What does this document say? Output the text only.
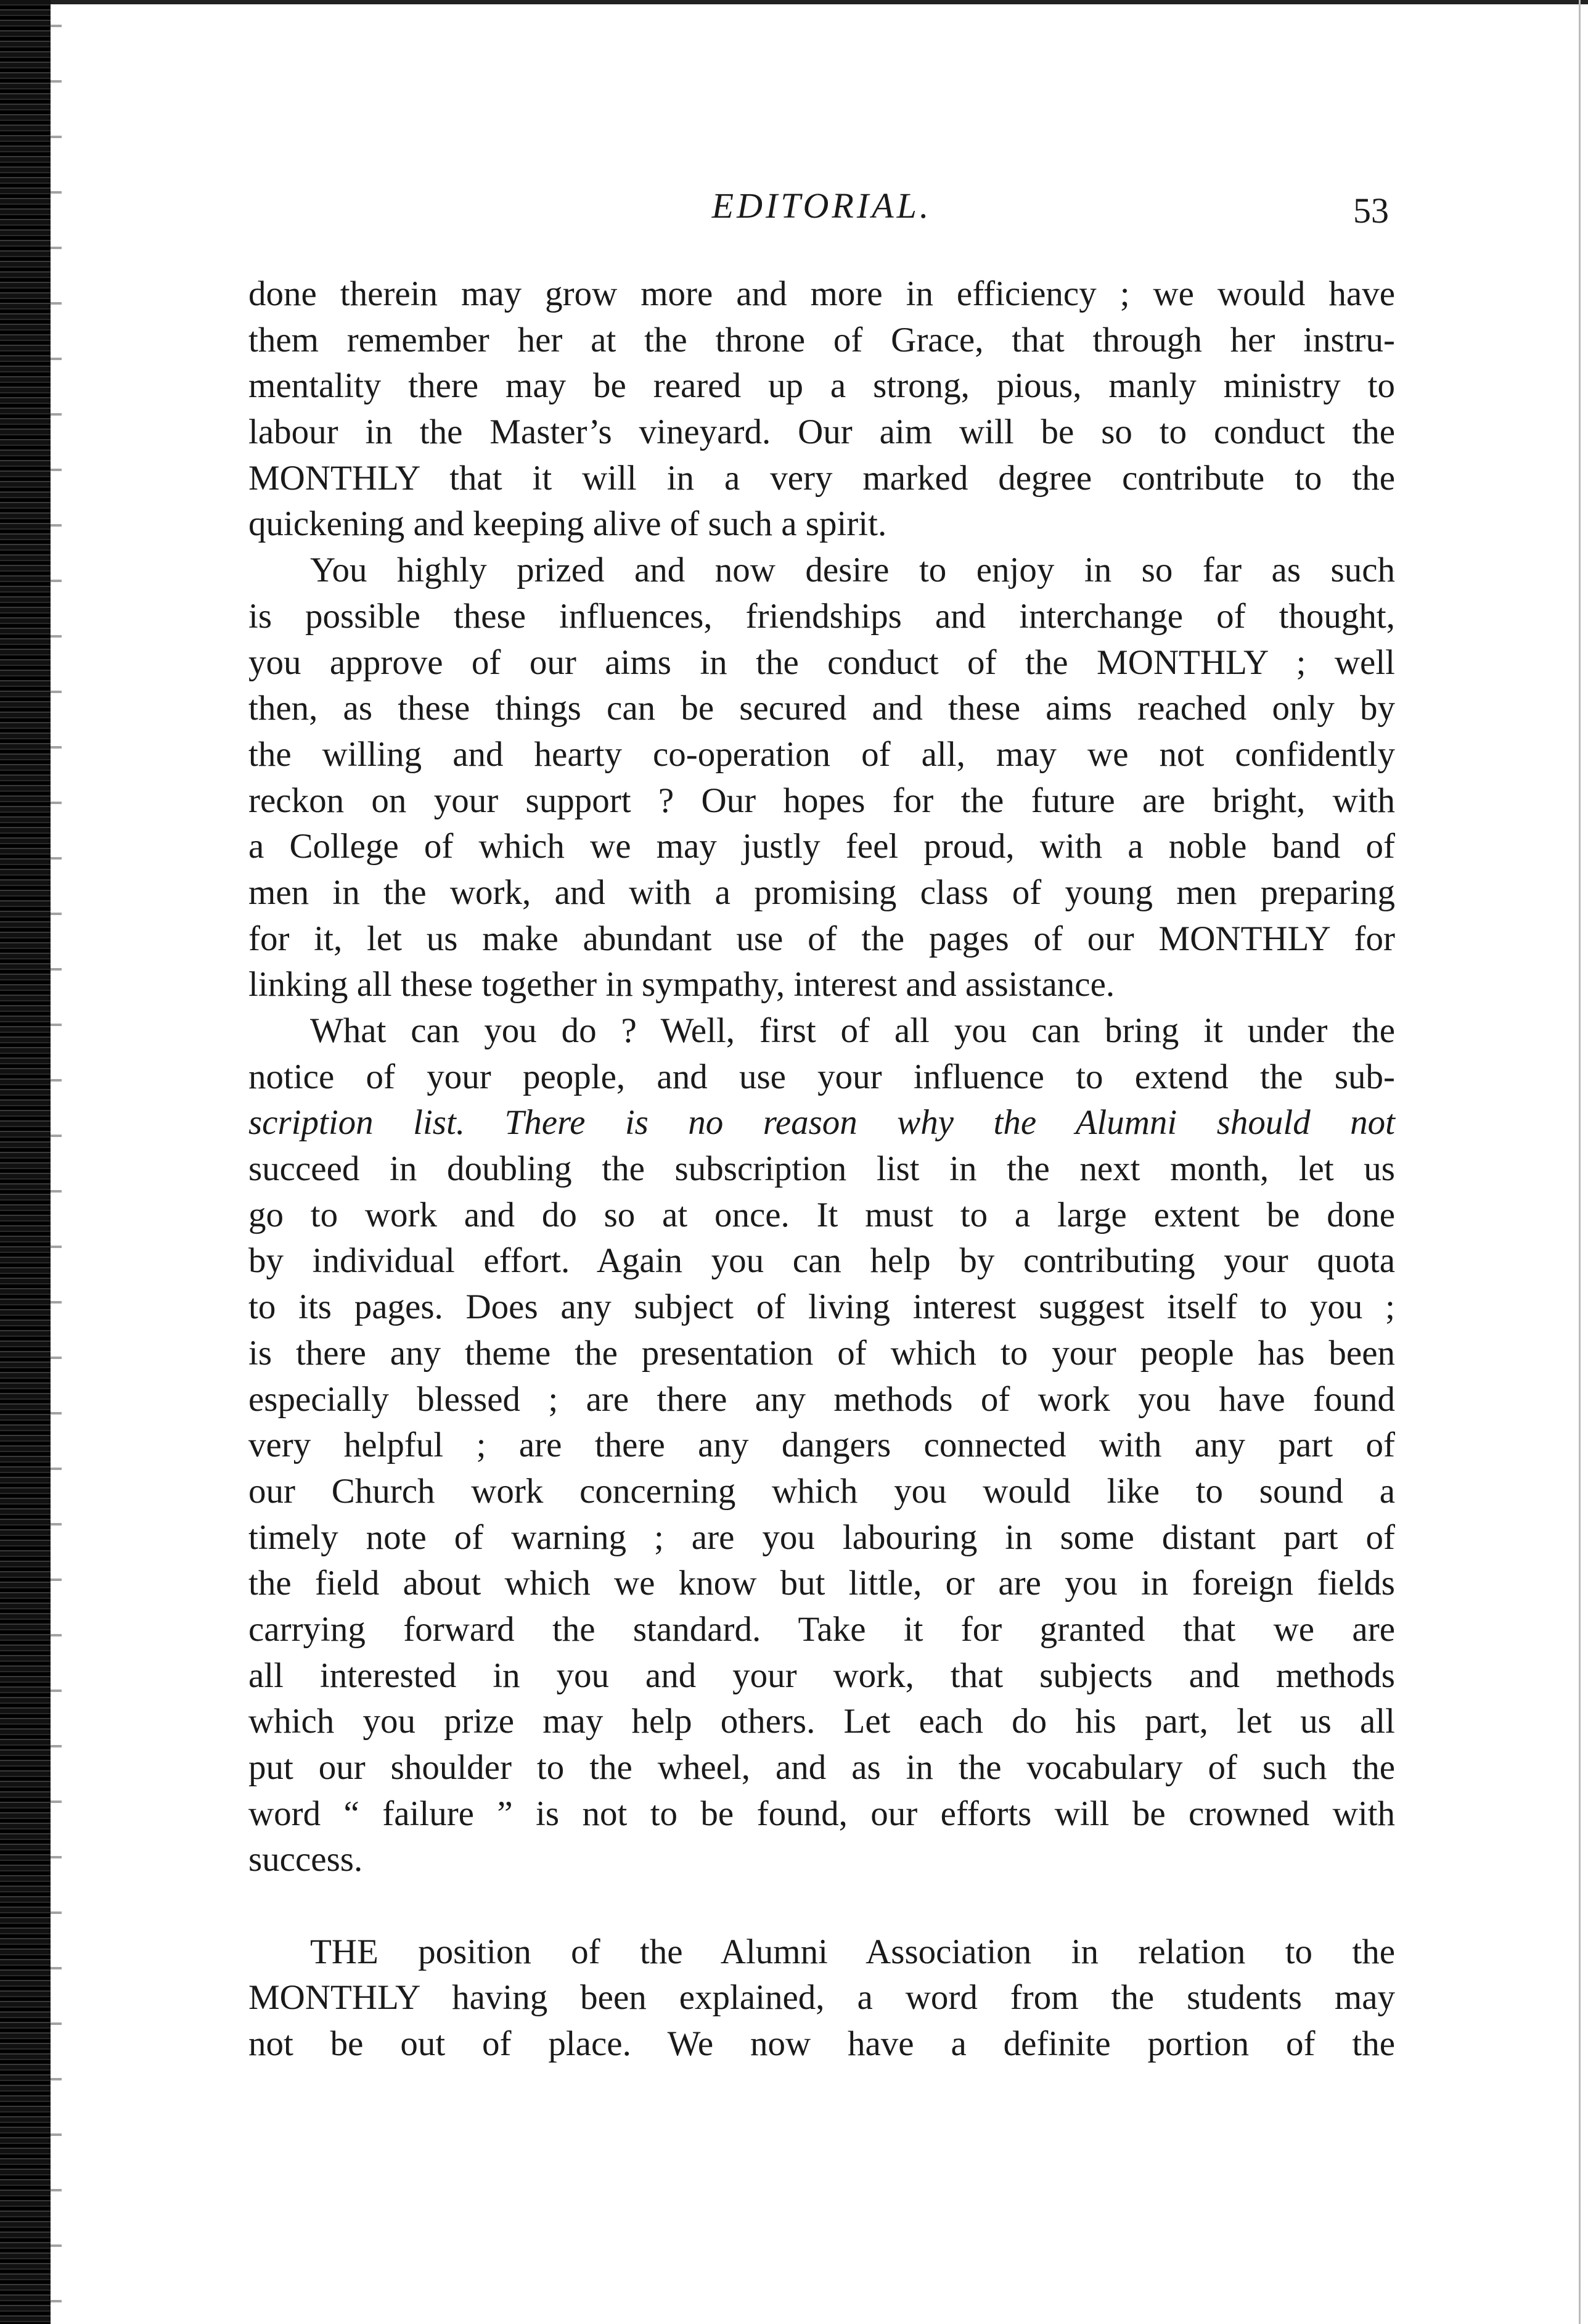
EDITORIAL.	53
done therein may grow more and more in efficiency ; we would have
them remember her at the throne of Grace, that through her instru-
mentality there may be reared up a strong, pious, manly ministry to
labour in the Master’s vineyard. Our aim will be so to conduct the
MONTHLY that it will in a very marked degree contribute to the
quickening and keeping alive of such a spirit.
You highly prized and now desire to enjoy in so far as such
is possible these influences, friendships and interchange of thought,
you approve of our aims in the conduct of the MONTHLY ; well
then, as these things can be secured and these aims reached only by
the willing and hearty co-operation of all, may we not confidently
reckon on your support ? Our hopes for the future are bright, with
a College of which we may justly feel proud, with a noble band of
men in the work, and with a promising class of young men preparing
for it, let us make abundant use of the pages of our MONTHLY for
linking all these together in sympathy, interest and assistance.
What can you do ? Well, first of all you can bring it under the
notice of your people, and use your influence to extend the sub-
scription list. There is no reason why the Alumni should not
succeed in doubling the subscription list in the next month, let us
go to work and do so at once. It must to a large extent be done
by individual effort. Again you can help by contributing your quota
to its pages. Does any subject of living interest suggest itself to you ;
is there any theme the presentation of which to your people has been
especially blessed ; are there any methods of work you have found
very helpful ; are there any dangers connected with any part of
our Church work concerning which you would like to sound a
timely note of warning ; are you labouring in some distant part of
the field about which we know but little, or are you in foreign fields
carrying forward the standard. Take it for granted that we are
all interested in you and your work, that subjects and methods
which you prize may help others. Let each do his part, let us all
put our shoulder to the wheel, and as in the vocabulary of such the
word “ failure ” is not to be found, our efforts will be crowned with
success.
THE position of the Alumni Association in relation to the
MONTHLY having been explained, a word from the students may
not be out of place. We now have a definite portion of the
